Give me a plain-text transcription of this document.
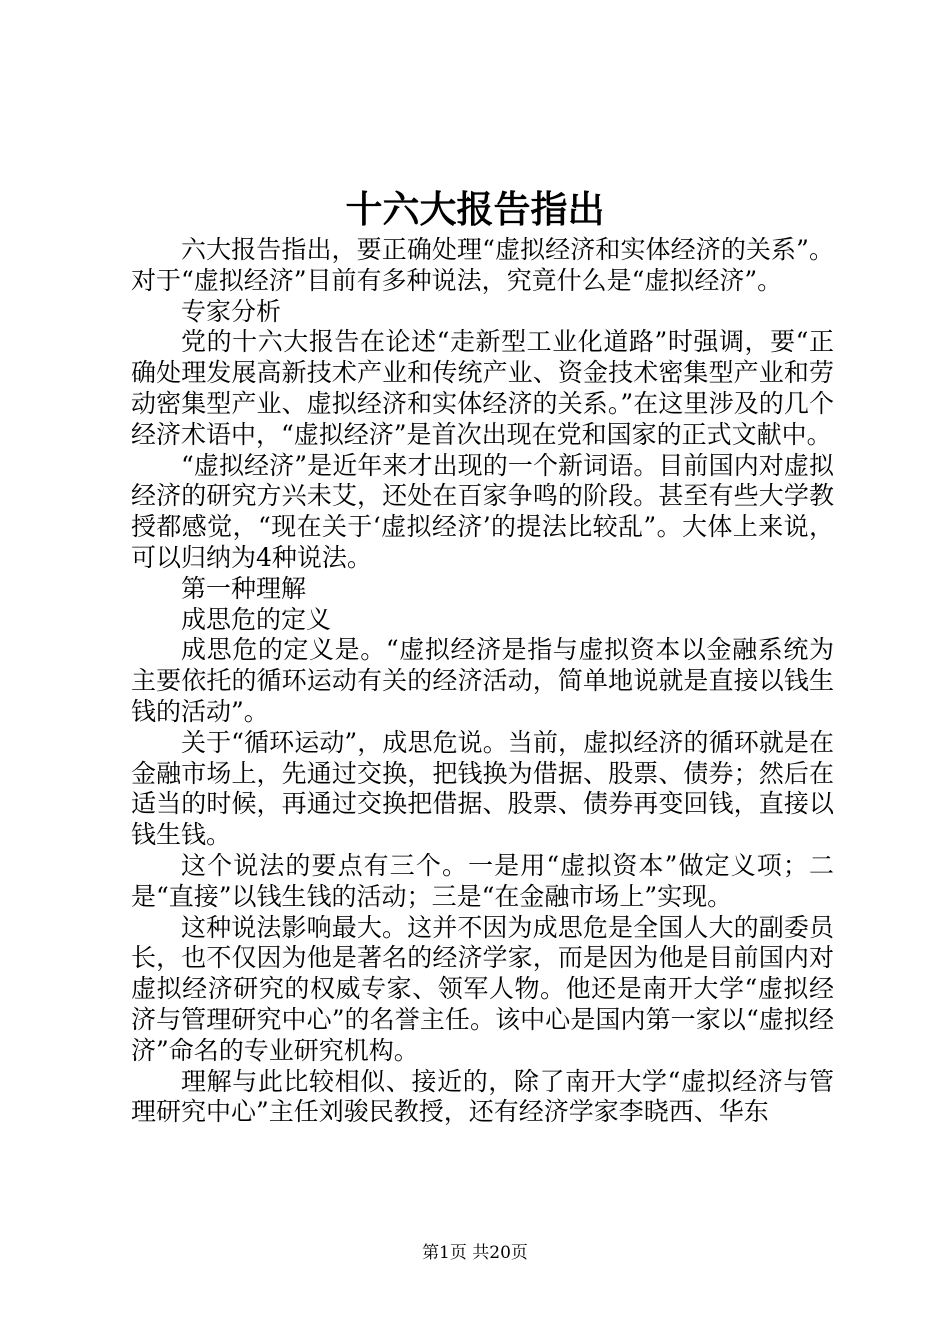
十六大报告指出

六大报告指出，要正确处理“虚拟经济和实体经济的关系”。对于“虚拟经济”目前有多种说法，究竟什么是“虚拟经济”。

专家分析

党的十六大报告在论述“走新型工业化道路”时强调，要“正确处理发展高新技术产业和传统产业、资金技术密集型产业和劳动密集型产业、虚拟经济和实体经济的关系。”在这里涉及的几个经济术语中，“虚拟经济”是首次出现在党和国家的正式文献中。

“虚拟经济”是近年来才出现的一个新词语。目前国内对虚拟经济的研究方兴未艾，还处在百家争鸣的阶段。甚至有些大学教授都感觉，“现在关于‘虚拟经济’的提法比较乱”。大体上来说，可以归纳为4种说法。

第一种理解

成思危的定义

成思危的定义是。“虚拟经济是指与虚拟资本以金融系统为主要依托的循环运动有关的经济活动，简单地说就是直接以钱生钱的活动”。

关于“循环运动”，成思危说。当前，虚拟经济的循环就是在金融市场上，先通过交换，把钱换为借据、股票、债券；然后在适当的时候，再通过交换把借据、股票、债券再变回钱，直接以钱生钱。

这个说法的要点有三个。一是用“虚拟资本”做定义项；二是“直接”以钱生钱的活动；三是“在金融市场上”实现。

这种说法影响最大。这并不因为成思危是全国人大的副委员长，也不仅因为他是著名的经济学家，而是因为他是目前国内对虚拟经济研究的权威专家、领军人物。他还是南开大学“虚拟经济与管理研究中心”的名誉主任。该中心是国内第一家以“虚拟经济”命名的专业研究机构。

理解与此比较相似、接近的，除了南开大学“虚拟经济与管理研究中心”主任刘骏民教授，还有经济学家李晓西、华东

第1页 共20页
